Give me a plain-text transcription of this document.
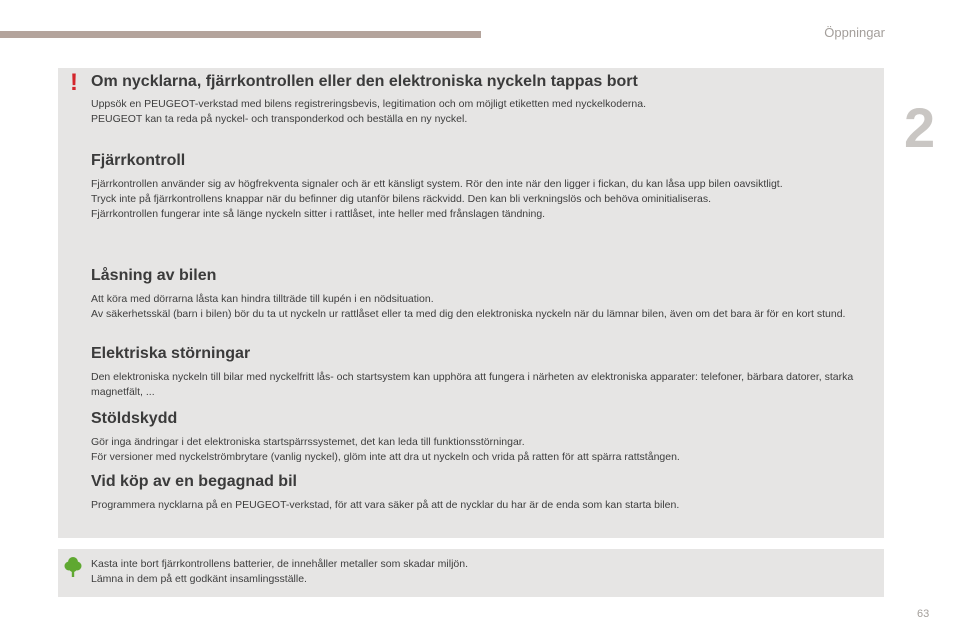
Öppningar
2
! Om nycklarna, fjärrkontrollen eller den elektroniska nyckeln tappas bort

Uppsök en PEUGEOT-verkstad med bilens registreringsbevis, legitimation och om möjligt etiketten med nyckelkoderna.
PEUGEOT kan ta reda på nyckel- och transponderkod och beställa en ny nyckel.

Fjärrkontroll

Fjärrkontrollen använder sig av högfrekventa signaler och är ett känsligt system. Rör den inte när den ligger i fickan, du kan låsa upp bilen oavsiktligt.
Tryck inte på fjärrkontrollens knappar när du befinner dig utanför bilens räckvidd. Den kan bli verkningslös och behöva ominitialiseras.
Fjärrkontrollen fungerar inte så länge nyckeln sitter i rattlåset, inte heller med frånslagen tändning.

Låsning av bilen

Att köra med dörrarna låsta kan hindra tillträde till kupén i en nödsituation.
Av säkerhetsskäl (barn i bilen) bör du ta ut nyckeln ur rattlåset eller ta med dig den elektroniska nyckeln när du lämnar bilen, även om det bara är för en kort stund.

Elektriska störningar

Den elektroniska nyckeln till bilar med nyckelfritt lås- och startsystem kan upphöra att fungera i närheten av elektroniska apparater: telefoner, bärbara datorer, starka magnetfält, ...

Stöldskydd

Gör inga ändringar i det elektroniska startspärrssystemet, det kan leda till funktionsstörningar.
För versioner med nyckelströmbrytare (vanlig nyckel), glöm inte att dra ut nyckeln och vrida på ratten för att spärra rattstången.

Vid köp av en begagnad bil

Programmera nycklarna på en PEUGEOT-verkstad, för att vara säker på att de nycklar du har är de enda som kan starta bilen.

Kasta inte bort fjärrkontrollens batterier, de innehåller metaller som skadar miljön.
Lämna in dem på ett godkänt insamlingsställe.

63
